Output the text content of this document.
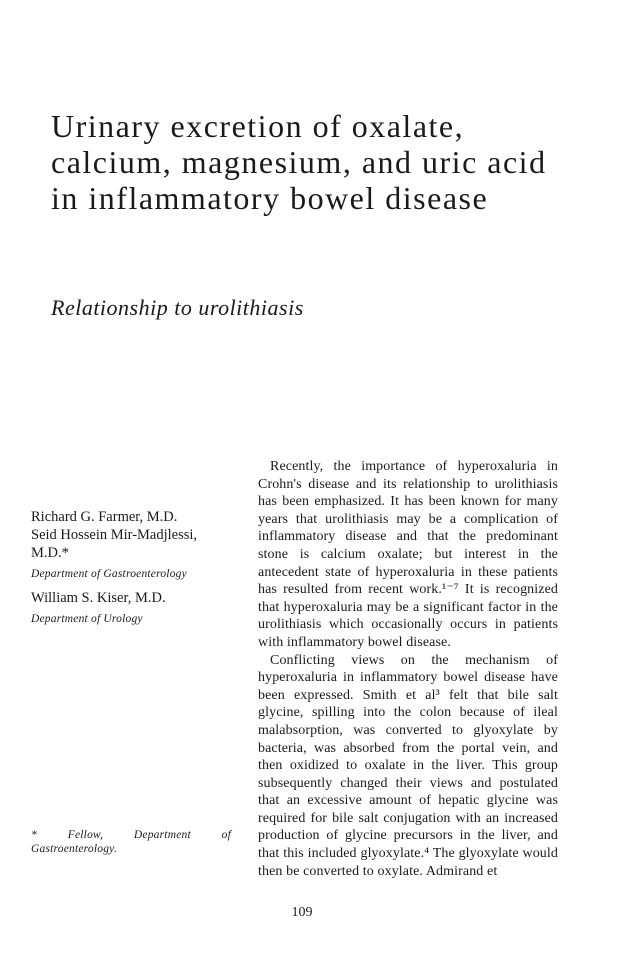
Urinary excretion of oxalate, calcium, magnesium, and uric acid in inflammatory bowel disease
Relationship to urolithiasis
Richard G. Farmer, M.D.
Seid Hossein Mir-Madjlessi, M.D.*
Department of Gastroenterology
William S. Kiser, M.D.
Department of Urology
* Fellow, Department of Gastroenterology.

Recently, the importance of hyperoxaluria in Crohn's disease and its relationship to urolithiasis has been emphasized. It has been known for many years that urolithiasis may be a complication of inflammatory disease and that the predominant stone is calcium oxalate; but interest in the antecedent state of hyperoxaluria in these patients has resulted from recent work.¹⁻⁷ It is recognized that hyperoxaluria may be a significant factor in the urolithiasis which occasionally occurs in patients with inflammatory bowel disease.

Conflicting views on the mechanism of hyperoxaluria in inflammatory bowel disease have been expressed. Smith et al³ felt that bile salt glycine, spilling into the colon because of ileal malabsorption, was converted to glyoxylate by bacteria, was absorbed from the portal vein, and then oxidized to oxalate in the liver. This group subsequently changed their views and postulated that an excessive amount of hepatic glycine was required for bile salt conjugation with an increased production of glycine precursors in the liver, and that this included glyoxylate.⁴ The glyoxylate would then be converted to oxylate. Admirand et

109
